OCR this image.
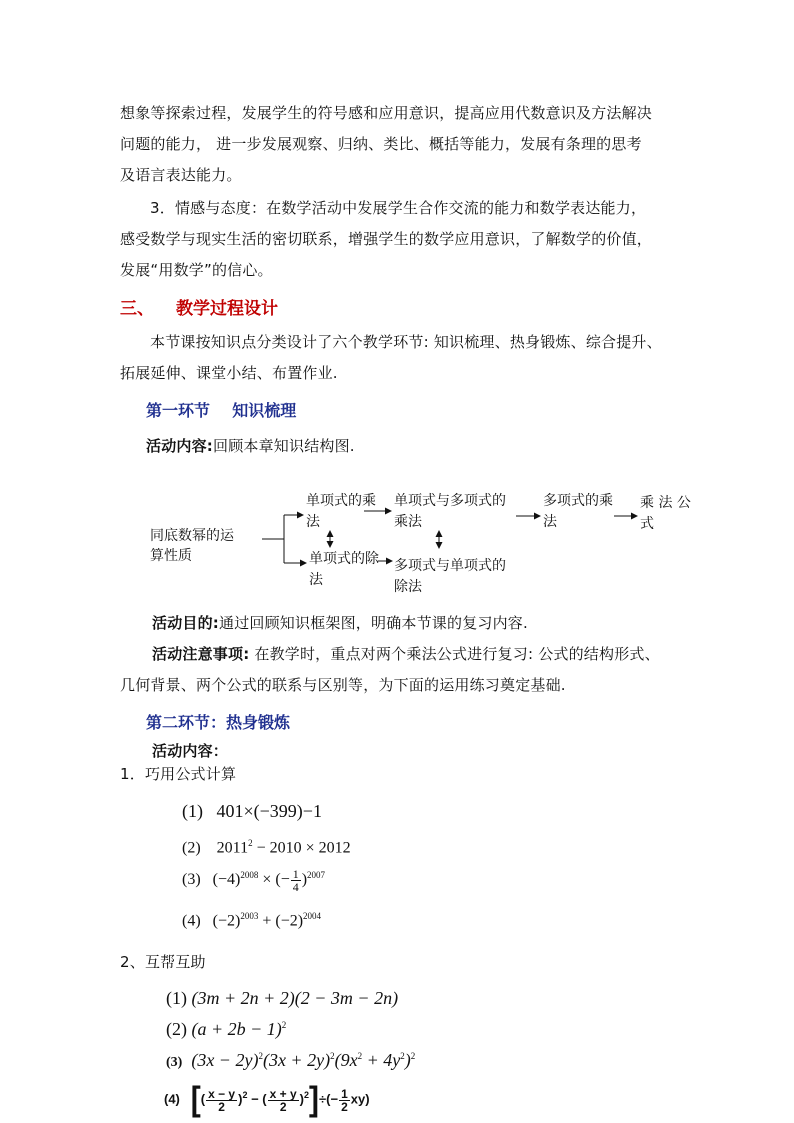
想象等探索过程，发展学生的符号感和应用意识，提高应用代数意识及方法解决
问题的能力， 进一步发展观察、归纳、类比、概括等能力，发展有条理的思考
及语言表达能力。
3．情感与态度：在数学活动中发展学生合作交流的能力和数学表达能力，
感受数学与现实生活的密切联系，增强学生的数学应用意识，了解数学的价值，
发展“用数学”的信心。
三、 教学过程设计
本节课按知识点分类设计了六个教学环节: 知识梳理、热身锻炼、综合提升、
拓展延伸、课堂小结、布置作业.
第一环节    知识梳理
活动内容:回顾本章知识结构图.
同底数幂的运
算性质
单项式的乘
法
单项式与多项式的
乘法
多项式的乘
法
乘 法 公
式
单项式的除
法
多项式与单项式的
除法
活动目的:通过回顾知识框架图，明确本节课的复习内容.
活动注意事项: 在教学时，重点对两个乘法公式进行复习: 公式的结构形式、
几何背景、两个公式的联系与区别等，为下面的运用练习奠定基础.
第二环节：热身锻炼
活动内容：
1．巧用公式计算
(1) 401×(−399)−1
(2) $2011^2 - 2010 \times 2012$
(3) $(-4)^{2008}$ × (− $\frac{1}{4} )^{2007}$
(4) $(-2)^{2003} + (-2)^{2004}$
2、互帮互助
(1) (3m + 2n + 2)(2 − 3m − 2n)
(2) $(a + 2b - 1)^2$
(3) $(3x - 2y)^2(3x + 2y)^2(9x^2 + 4y^2)^2$
(4) [( $\frac{x - y}{2} )^2$ − ( $\frac{x + y}{2} )^2]\div(- \frac{1}{2} xy)$
